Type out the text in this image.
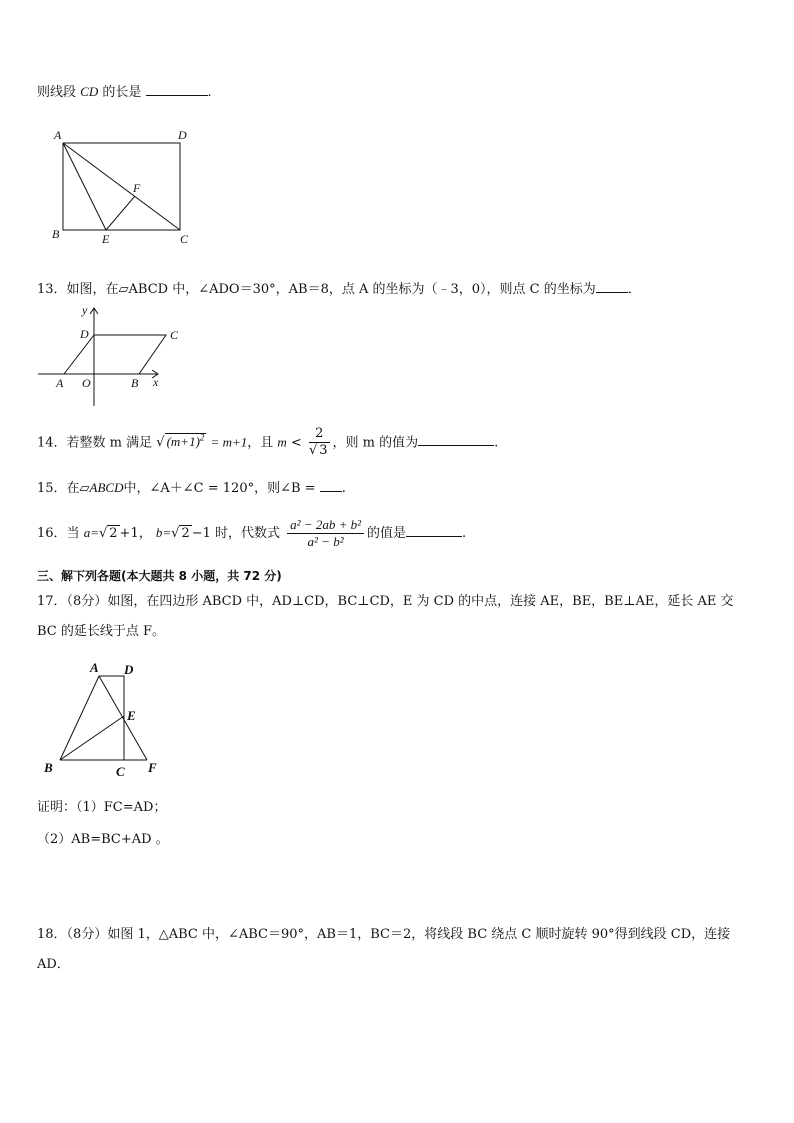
则线段 CD 的长是	.
A	D
B	E	C
F
13．如图，在▱ABCD 中，∠ADO＝30°，AB＝8，点 A 的坐标为（﹣3，0），则点 C 的坐标为 ．
x
y
D	C
A O	B
14．若整数 m 满足 √ $(m+1)^2 = m+1$，且 $m < \frac{2}{√ 3}$ ，则 m 的值为	.
15．在▱ABCD中，∠A＋∠C = 120°，则∠B = .
16．当 a=√ 2 +1， b=√ 2 −1 时，代数式 $\frac{\text{a² − 2ab + b²}}{\text{a² − b²}}$ 的值是	.
三、解下列各题(本大题共 8 小题，共 72 分)
17．（8分）如图，在四边形 ABCD 中，AD⊥CD，BC⊥CD，E 为 CD 的中点，连接 AE，BE，BE⊥AE，延长 AE 交
BC 的延长线于点 F。
A D
E
B	C F
证明：（1）FC=AD；
（2）AB=BC+AD 。
18．（8分）如图 1，△ABC 中，∠ABC＝90°，AB＝1，BC＝2，将线段 BC 绕点 C 顺时旋转 90°得到线段 CD，连接
AD．
